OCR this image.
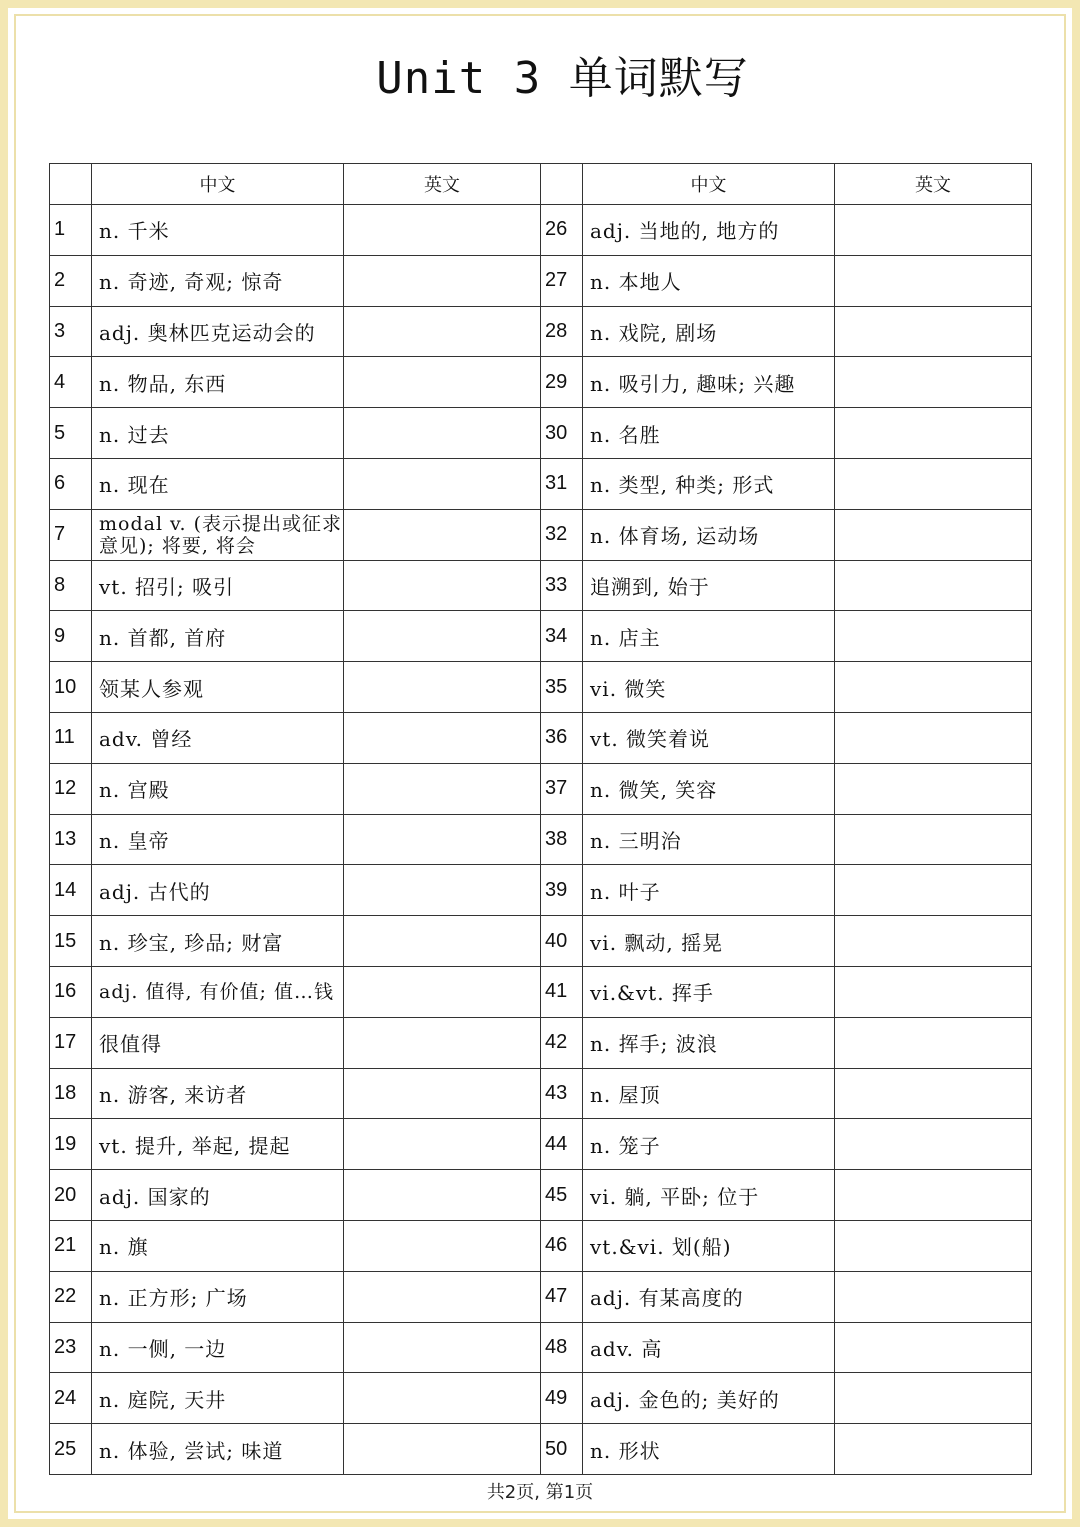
Unit 3 单词默写
	中文	英文		中文	英文
1	n. 千米		26	adj. 当地的, 地方的	
2	n. 奇迹, 奇观; 惊奇		27	n. 本地人	
3	adj. 奥林匹克运动会的		28	n. 戏院, 剧场	
4	n. 物品, 东西		29	n. 吸引力, 趣味; 兴趣	
5	n. 过去		30	n. 名胜	
6	n. 现在		31	n. 类型, 种类; 形式	
7	modal v. (表示提出或征求意见); 将要, 将会		32	n. 体育场, 运动场	
8	vt. 招引; 吸引		33	追溯到, 始于	
9	n. 首都, 首府		34	n. 店主	
10	领某人参观		35	vi. 微笑	
11	adv. 曾经		36	vt. 微笑着说	
12	n. 宫殿		37	n. 微笑, 笑容	
13	n. 皇帝		38	n. 三明治	
14	adj. 古代的		39	n. 叶子	
15	n. 珍宝, 珍品; 财富		40	vi. 飘动, 摇晃	
16	adj. 值得, 有价值; 值…钱		41	vi.&vt. 挥手	
17	很值得		42	n. 挥手; 波浪	
18	n. 游客, 来访者		43	n. 屋顶	
19	vt. 提升, 举起, 提起		44	n. 笼子	
20	adj. 国家的		45	vi. 躺, 平卧; 位于	
21	n. 旗		46	vt.&vi. 划(船)	
22	n. 正方形; 广场		47	adj. 有某高度的	
23	n. 一侧, 一边		48	adv. 高	
24	n. 庭院, 天井		49	adj. 金色的; 美好的	
25	n. 体验, 尝试; 味道		50	n. 形状	
共2页, 第1页
